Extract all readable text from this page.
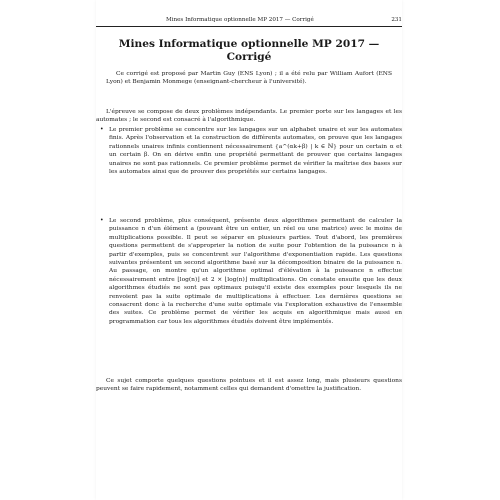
Mines Informatique optionnelle MP 2017 — Corrigé	231
Mines Informatique optionnelle MP 2017 — Corrigé

Ce corrigé est proposé par Martin Guy (ENS Lyon) ; il a été relu par William Aufort (ENS Lyon) et Benjamin Monmege (enseignant-chercheur à l'université).

L'épreuve se compose de deux problèmes indépendants. Le premier porte sur les langages et les automates ; le second est consacré à l'algorithmique.

• Le premier problème se concentre sur les langages sur un alphabet unaire et sur les automates finis. Après l'observation et la construction de différents automates, on prouve que les langages rationnels unaires infinis contiennent nécessairement {a^(αk+β) | k ∈ ℕ} pour un certain α et un certain β. On en dérive enfin une propriété permettant de prouver que certains langages unaires ne sont pas rationnels. Ce premier problème permet de vérifier la maîtrise des bases sur les automates ainsi que de prouver des propriétés sur certains langages.

• Le second problème, plus conséquent, présente deux algorithmes permettant de calculer la puissance n d'un élément a (pouvant être un entier, un réel ou une matrice) avec le moins de multiplications possible. Il peut se séparer en plusieurs parties. Tout d'abord, les premières questions permettent de s'approprier la notion de suite pour l'obtention de la puissance n à partir d'exemples, puis se concentrent sur l'algorithme d'exponentiation rapide. Les questions suivantes présentent un second algorithme basé sur la décomposition binaire de la puissance n. Au passage, on montre qu'un algorithme optimal d'élévation à la puissance n effectue nécessairement entre ⌊log(n)⌋ et 2 × ⌊log(n)⌋ multiplications. On constate ensuite que les deux algorithmes étudiés ne sont pas optimaux puisqu'il existe des exemples pour lesquels ils ne renvoient pas la suite optimale de multiplications à effectuer. Les dernières questions se consacrent donc à la recherche d'une suite optimale via l'exploration exhaustive de l'ensemble des suites. Ce problème permet de vérifier les acquis en algorithmique mais aussi en programmation car tous les algorithmes étudiés doivent être implémentés.

Ce sujet comporte quelques questions pointues et il est assez long, mais plusieurs questions peuvent se faire rapidement, notamment celles qui demandent d'omettre la justification.
